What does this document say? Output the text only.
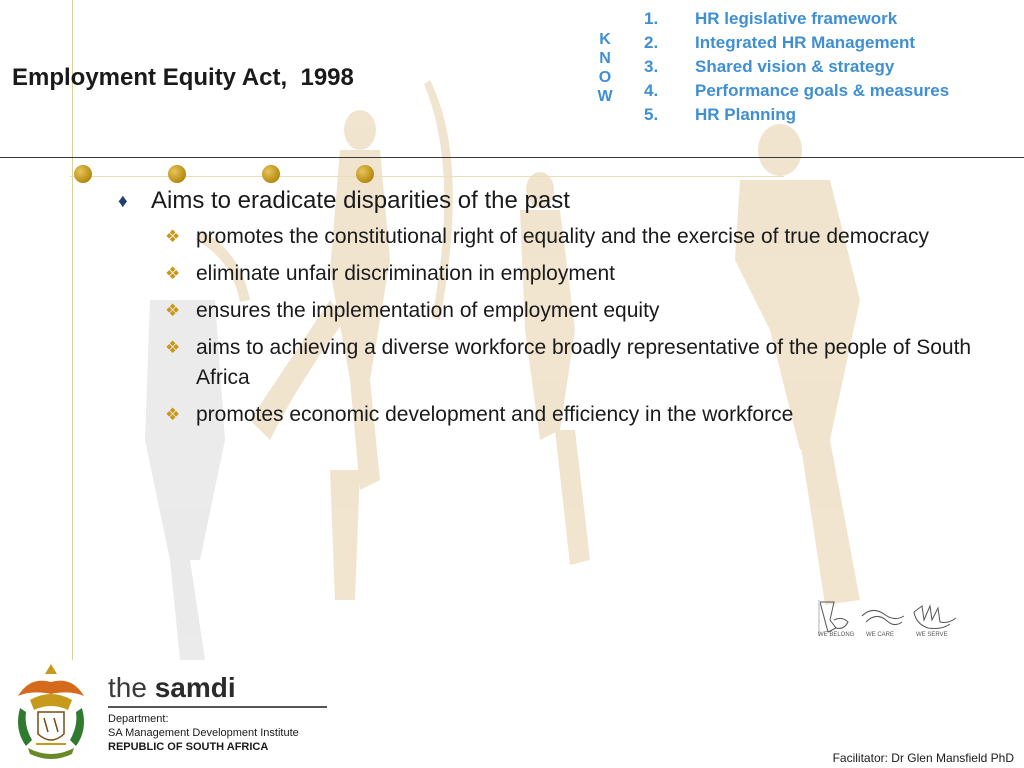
Employment Equity Act,  1998
K
N
O
W
1. HR legislative framework
2. Integrated HR Management
3. Shared vision & strategy
4. Performance goals & measures
5. HR Planning
♦ Aims to eradicate disparities of the past
❖ promotes the constitutional right of equality and the exercise of true democracy
❖ eliminate unfair discrimination in employment
❖ ensures the implementation of employment equity
❖ aims to achieving a diverse workforce broadly representative of the people of South Africa
❖ promotes economic development and efficiency in the workforce
WE BELONG WE CARE	WE SERVE
the samdi
Department:
SA Management Development Institute
REPUBLIC OF SOUTH AFRICA
Facilitator: Dr Glen Mansfield PhD
